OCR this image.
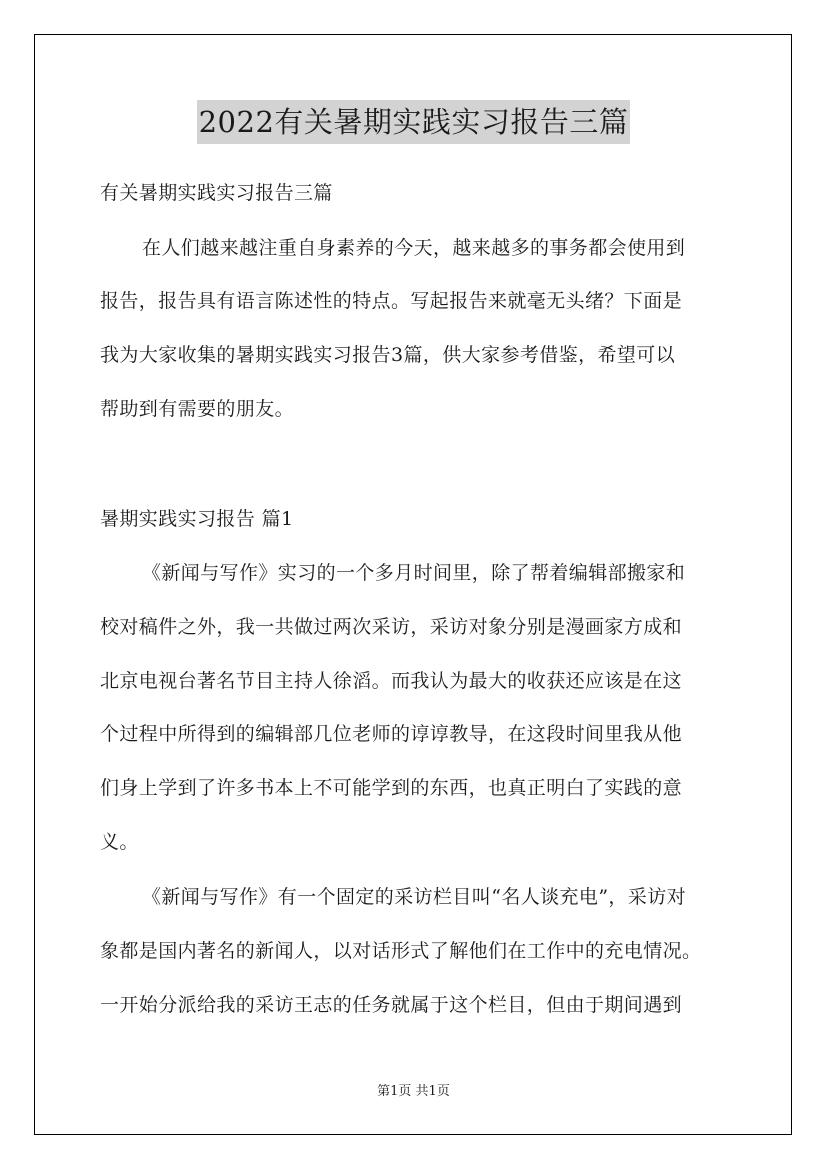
2022有关暑期实践实习报告三篇
有关暑期实践实习报告三篇
在人们越来越注重自身素养的今天，越来越多的事务都会使用到
报告，报告具有语言陈述性的特点。写起报告来就毫无头绪？下面是
我为大家收集的暑期实践实习报告3篇，供大家参考借鉴，希望可以
帮助到有需要的朋友。
暑期实践实习报告 篇1
《新闻与写作》实习的一个多月时间里，除了帮着编辑部搬家和
校对稿件之外，我一共做过两次采访，采访对象分别是漫画家方成和
北京电视台著名节目主持人徐滔。而我认为最大的收获还应该是在这
个过程中所得到的编辑部几位老师的谆谆教导，在这段时间里我从他
们身上学到了许多书本上不可能学到的东西，也真正明白了实践的意
义。
《新闻与写作》有一个固定的采访栏目叫“名人谈充电”，采访对
象都是国内著名的新闻人，以对话形式了解他们在工作中的充电情况。
一开始分派给我的采访王志的任务就属于这个栏目，但由于期间遇到
第1页 共1页
